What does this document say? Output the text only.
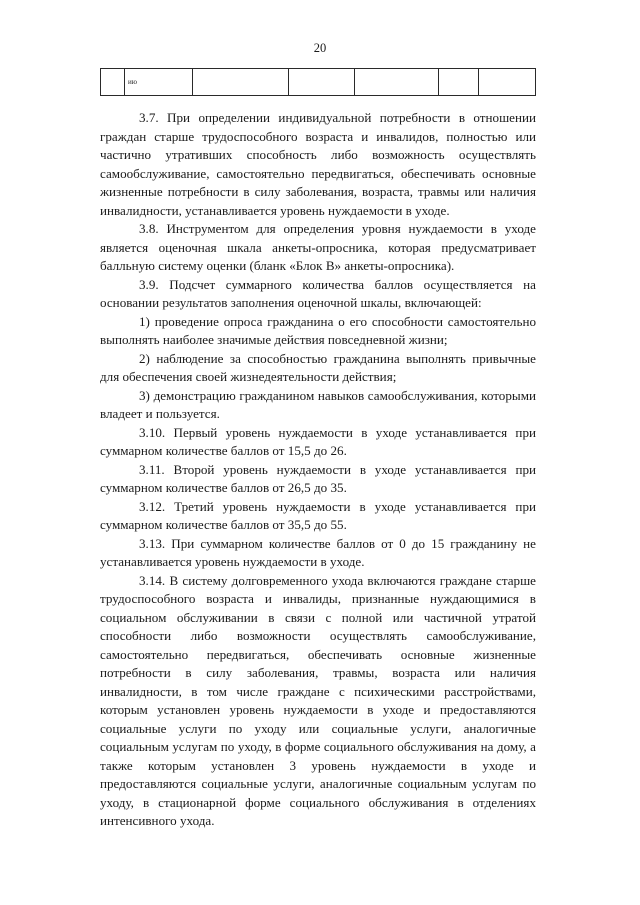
20
	ию					

3.7. При определении индивидуальной потребности в отношении граждан старше трудоспособного возраста и инвалидов, полностью или частично утративших способность либо возможность осуществлять самообслуживание, самостоятельно передвигаться, обеспечивать основные жизненные потребности в силу заболевания, возраста, травмы или наличия инвалидности, устанавливается уровень нуждаемости в уходе.

3.8. Инструментом для определения уровня нуждаемости в уходе является оценочная шкала анкеты-опросника, которая предусматривает балльную систему оценки (бланк «Блок В» анкеты-опросника).

3.9. Подсчет суммарного количества баллов осуществляется на основании результатов заполнения оценочной шкалы, включающей:

1) проведение опроса гражданина о его способности самостоятельно выполнять наиболее значимые действия повседневной жизни;

2) наблюдение за способностью гражданина выполнять привычные для обеспечения своей жизнедеятельности действия;

3) демонстрацию гражданином навыков самообслуживания, которыми владеет и пользуется.

3.10. Первый уровень нуждаемости в уходе устанавливается при суммарном количестве баллов от 15,5 до 26.

3.11. Второй уровень нуждаемости в уходе устанавливается при суммарном количестве баллов от 26,5 до 35.

3.12. Третий уровень нуждаемости в уходе устанавливается при суммарном количестве баллов от 35,5 до 55.

3.13. При суммарном количестве баллов от 0 до 15 гражданину не устанавливается уровень нуждаемости в уходе.

3.14. В систему долговременного ухода включаются граждане старше трудоспособного возраста и инвалиды, признанные нуждающимися в социальном обслуживании в связи с полной или частичной утратой способности либо возможности осуществлять самообслуживание, самостоятельно передвигаться, обеспечивать основные жизненные потребности в силу заболевания, травмы, возраста или наличия инвалидности, в том числе граждане с психическими расстройствами, которым установлен уровень нуждаемости в уходе и предоставляются социальные услуги по уходу или социальные услуги, аналогичные социальным услугам по уходу, в форме социального обслуживания на дому, а также которым установлен 3 уровень нуждаемости в уходе и предоставляются социальные услуги, аналогичные социальным услугам по уходу, в стационарной форме социального обслуживания в отделениях интенсивного ухода.
